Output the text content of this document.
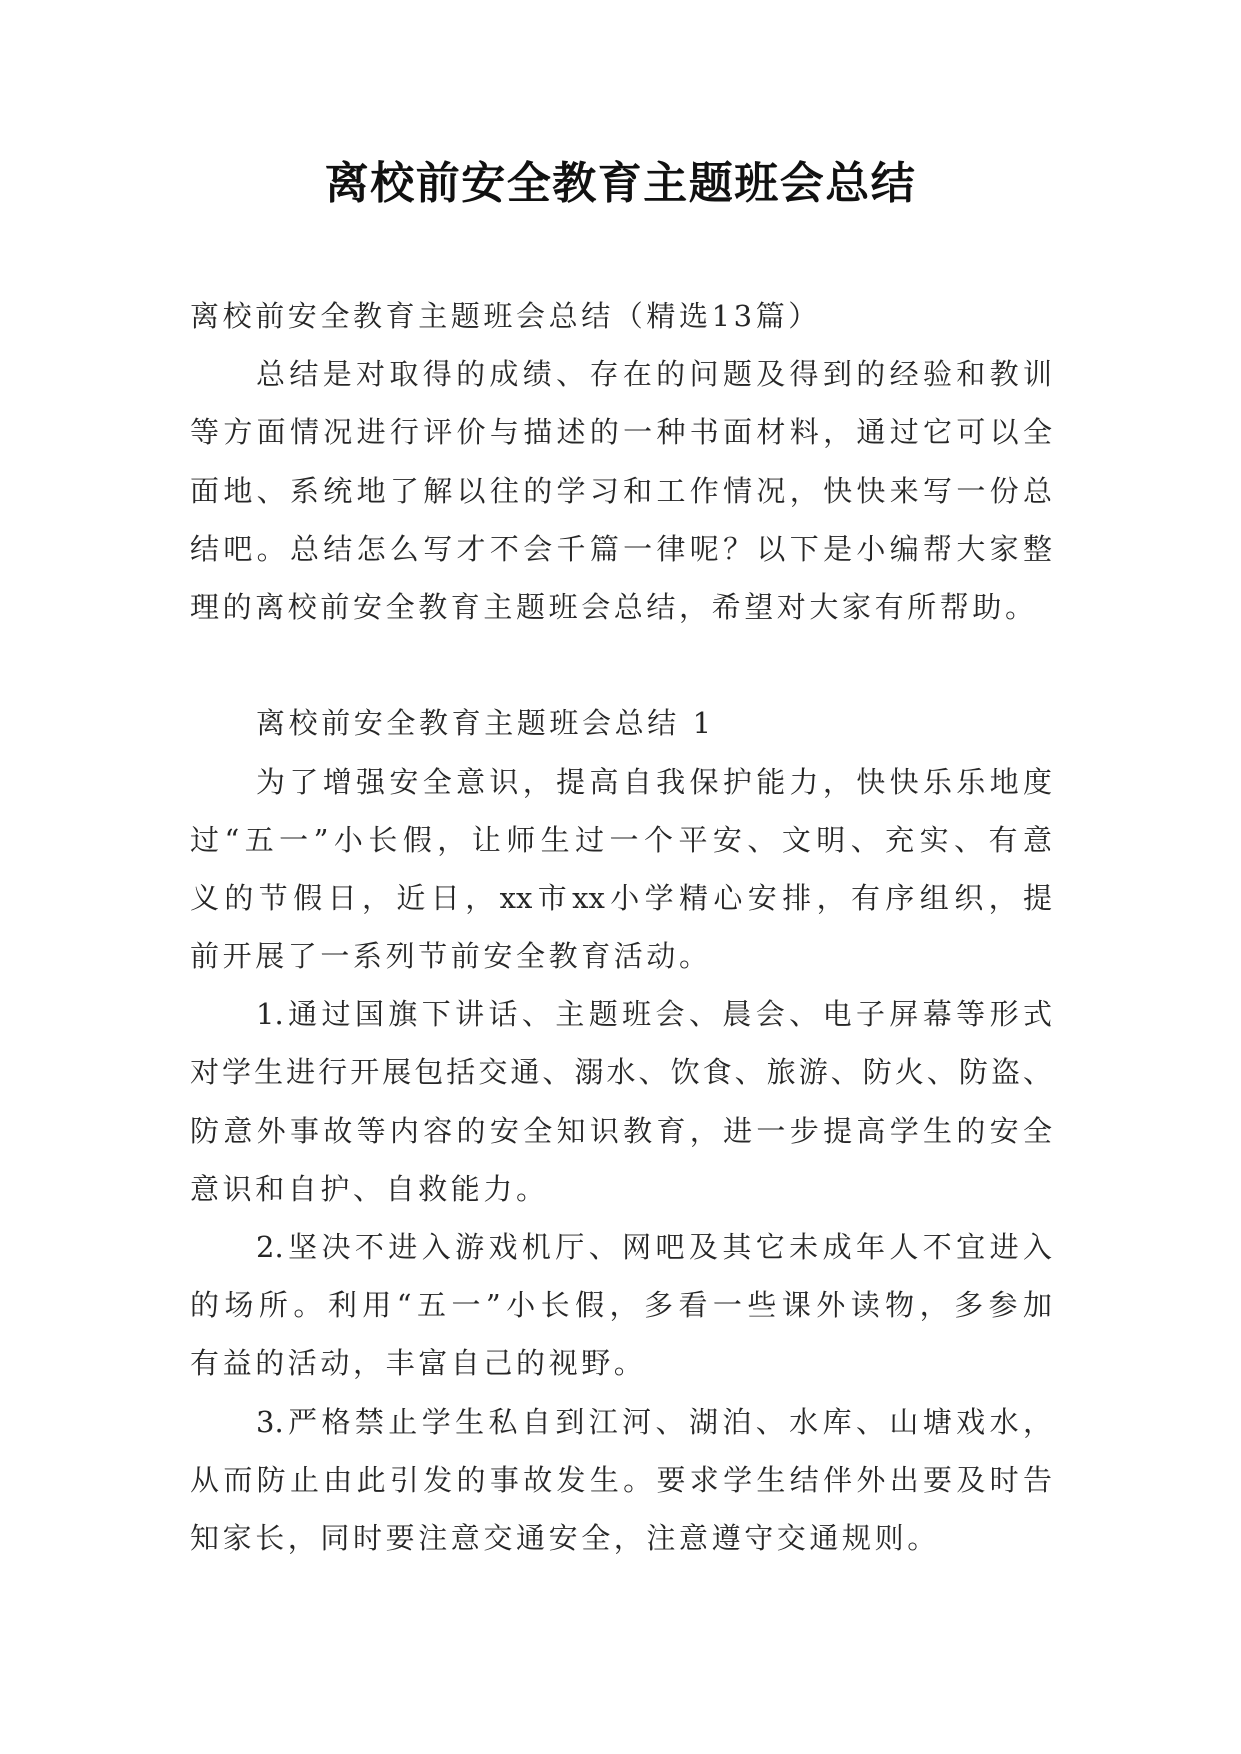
离校前安全教育主题班会总结
离校前安全教育主题班会总结（精选13篇）
总结是对取得的成绩、存在的问题及得到的经验和教训
等方面情况进行评价与描述的一种书面材料，通过它可以全
面地、系统地了解以往的学习和工作情况，快快来写一份总
结吧。总结怎么写才不会千篇一律呢？以下是小编帮大家整
理的离校前安全教育主题班会总结，希望对大家有所帮助。
离校前安全教育主题班会总结 1
为了增强安全意识，提高自我保护能力，快快乐乐地度
过“五一”小长假，让师生过一个平安、文明、充实、有意
义的节假日，近日，xx市xx小学精心安排，有序组织，提
前开展了一系列节前安全教育活动。
1.通过国旗下讲话、主题班会、晨会、电子屏幕等形式
对学生进行开展包括交通、溺水、饮食、旅游、防火、防盗、
防意外事故等内容的安全知识教育，进一步提高学生的安全
意识和自护、自救能力。
2.坚决不进入游戏机厅、网吧及其它未成年人不宜进入
的场所。利用“五一”小长假，多看一些课外读物，多参加
有益的活动，丰富自己的视野。
3.严格禁止学生私自到江河、湖泊、水库、山塘戏水，
从而防止由此引发的事故发生。要求学生结伴外出要及时告
知家长，同时要注意交通安全，注意遵守交通规则。
